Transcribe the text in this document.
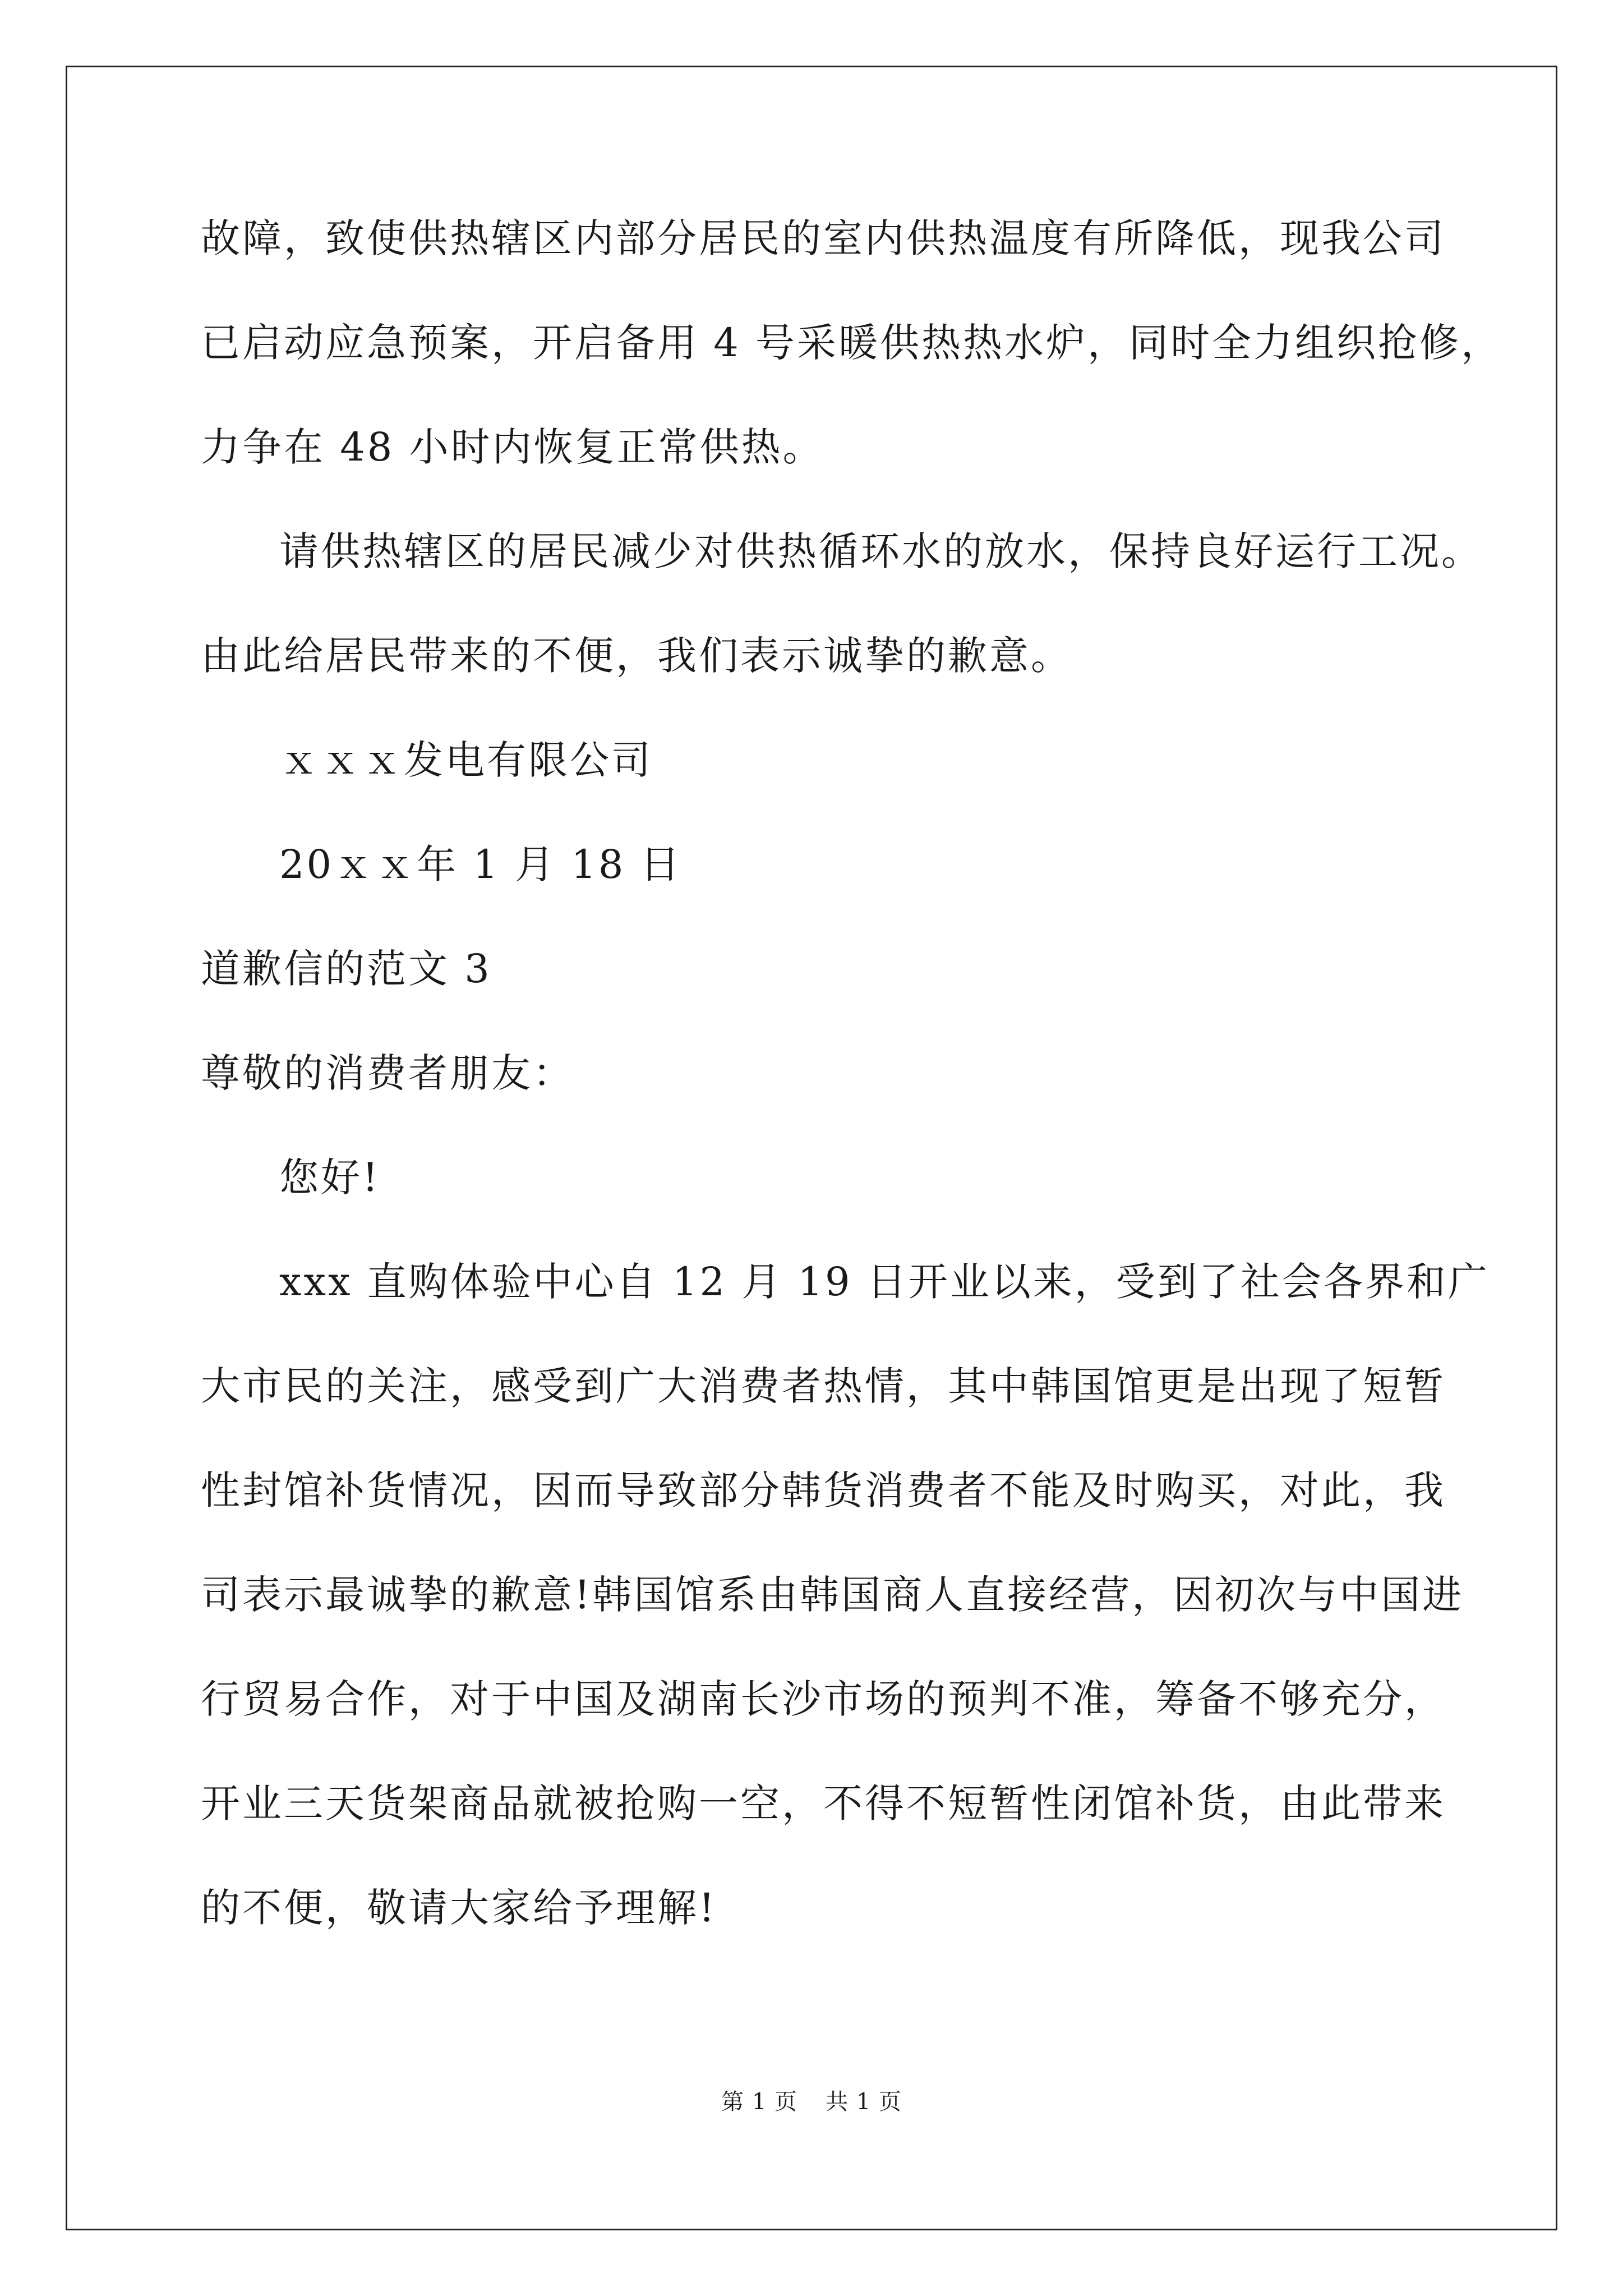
故障，致使供热辖区内部分居民的室内供热温度有所降低，现我公司
已启动应急预案，开启备用 4 号采暖供热热水炉，同时全力组织抢修，
力争在 48 小时内恢复正常供热。
请供热辖区的居民减少对供热循环水的放水，保持良好运行工况。
由此给居民带来的不便，我们表示诚挚的歉意。
ｘｘｘ发电有限公司
20ｘｘ年 1 月 18 日
道歉信的范文 3
尊敬的消费者朋友：
您好!
xxx 直购体验中心自 12 月 19 日开业以来，受到了社会各界和广
大市民的关注，感受到广大消费者热情，其中韩国馆更是出现了短暂
性封馆补货情况，因而导致部分韩货消费者不能及时购买，对此，我
司表示最诚挚的歉意!韩国馆系由韩国商人直接经营，因初次与中国进
行贸易合作，对于中国及湖南长沙市场的预判不准，筹备不够充分，
开业三天货架商品就被抢购一空，不得不短暂性闭馆补货，由此带来
的不便，敬请大家给予理解!
第 1 页 共 1 页
